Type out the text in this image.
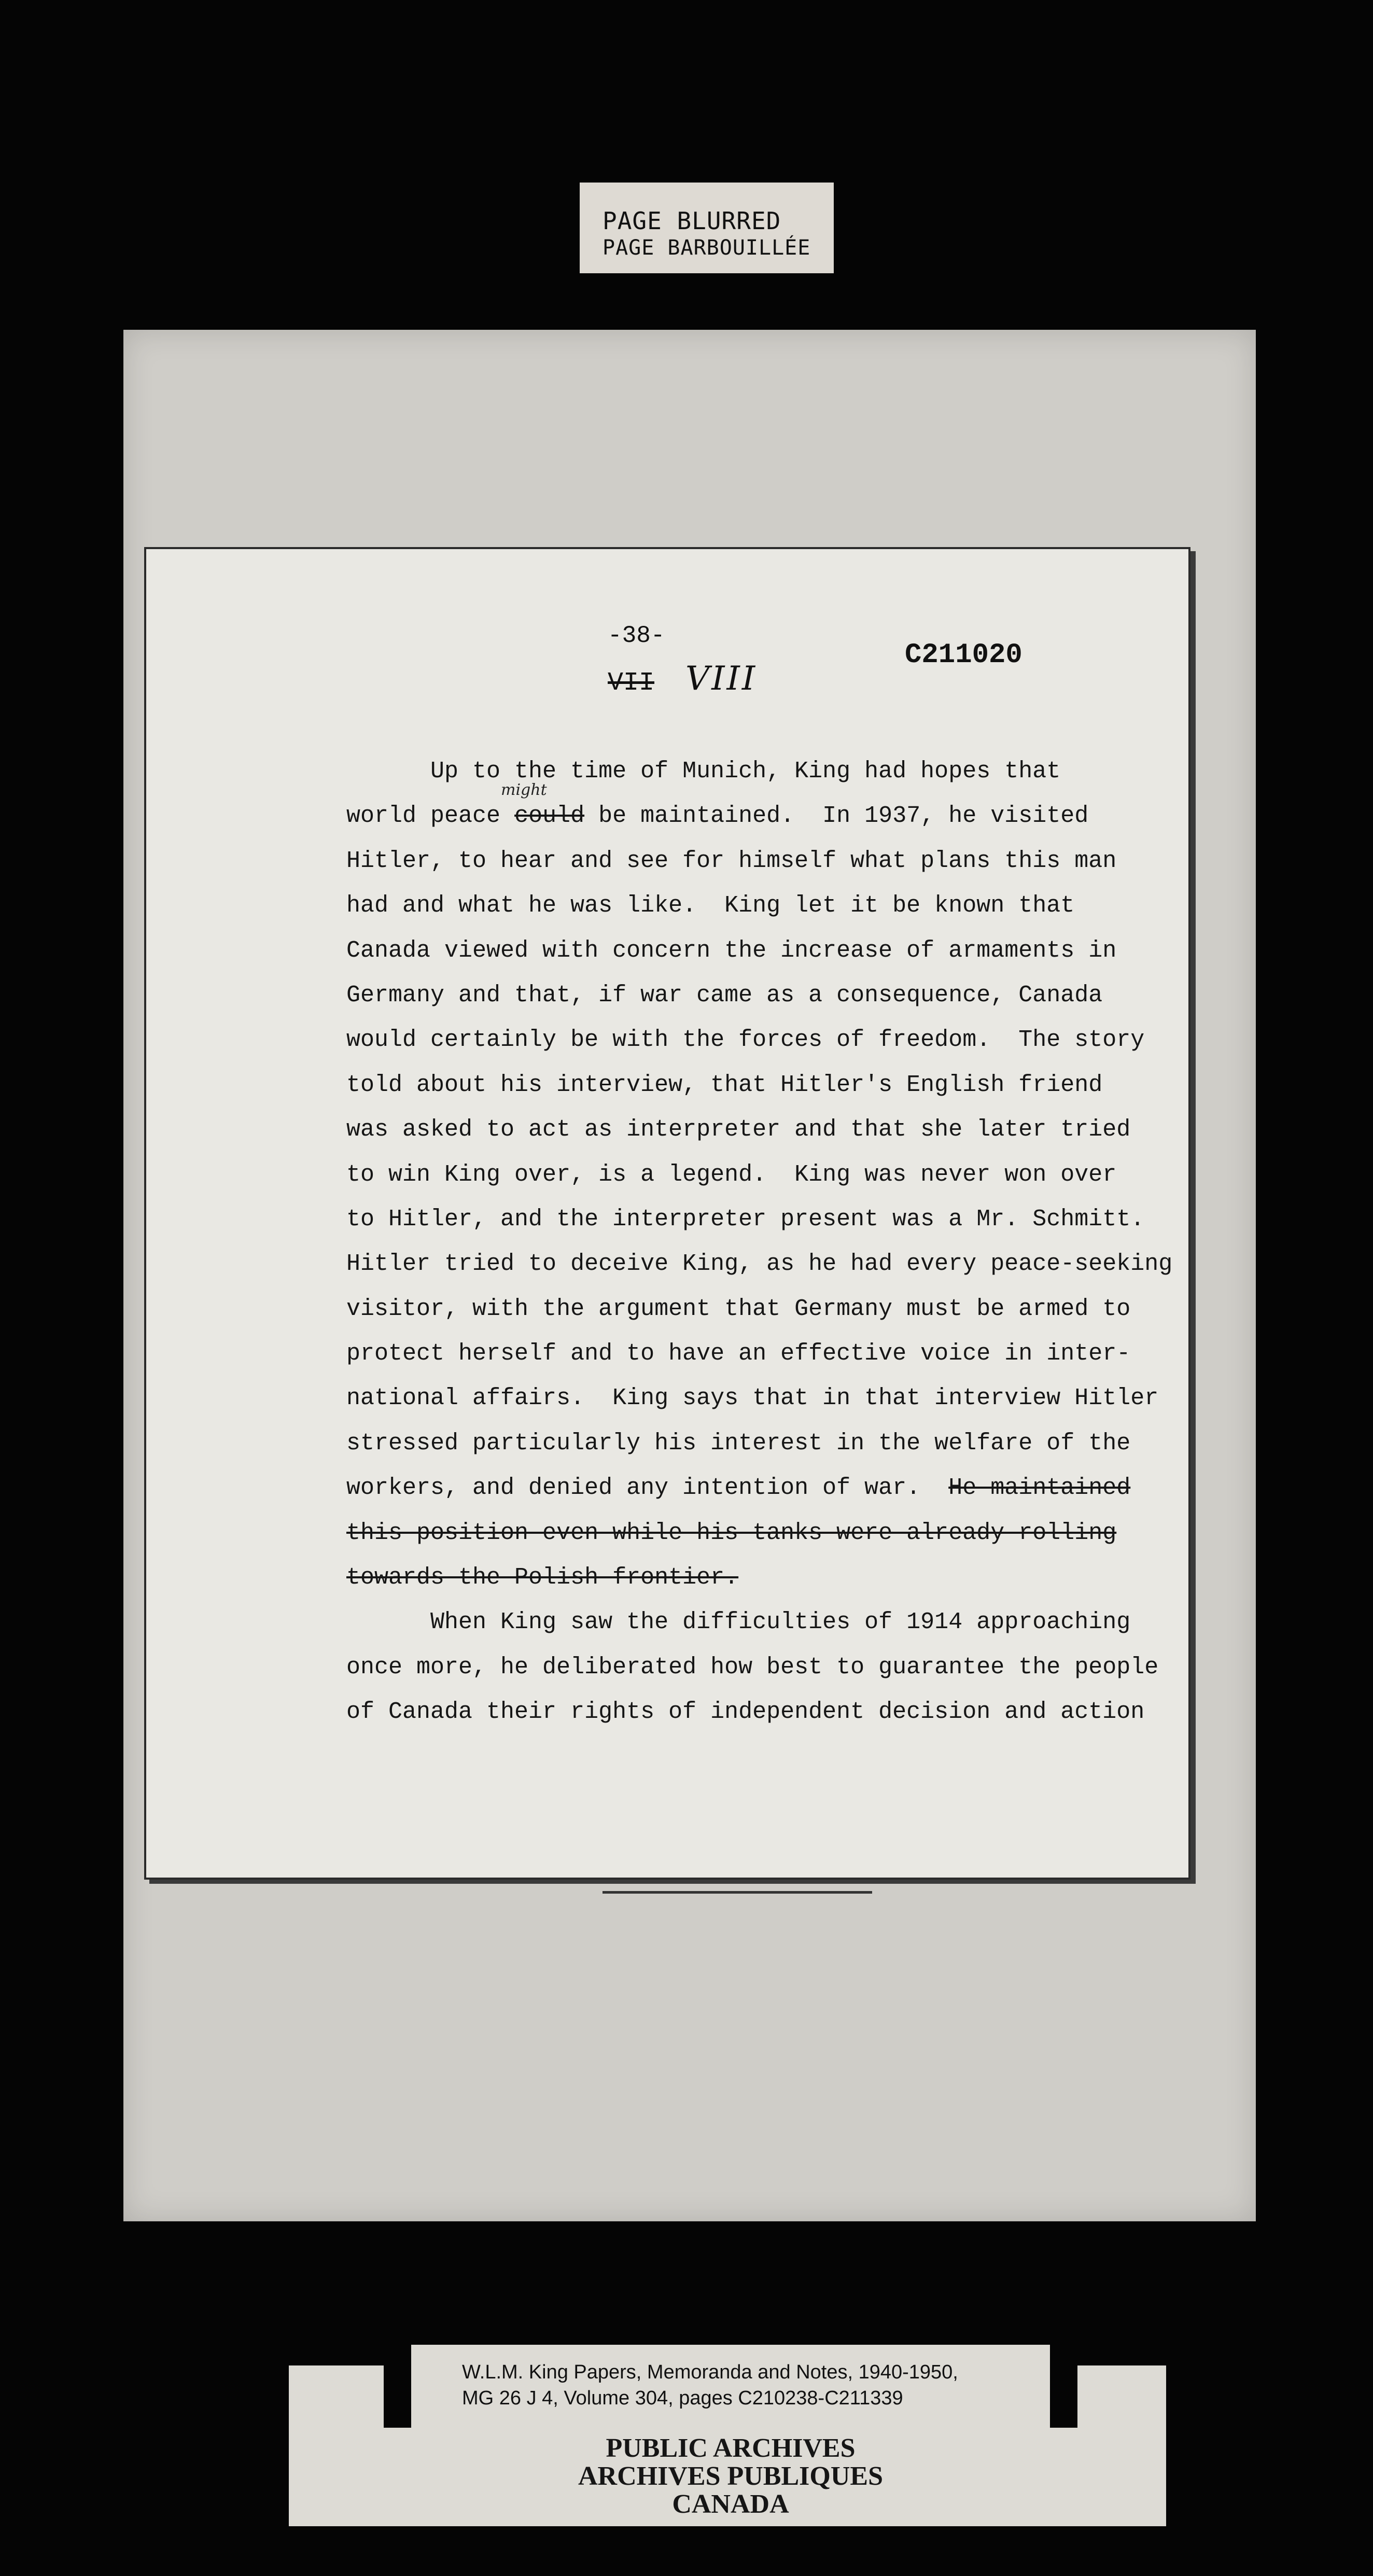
PAGE BLURRED
PAGE BARBOUILLÉE
-38-
VII VIII
C211020
might
Up to the time of Munich, King had hopes that
world peace could be maintained.  In 1937, he visited
Hitler, to hear and see for himself what plans this man
had and what he was like.  King let it be known that
Canada viewed with concern the increase of armaments in
Germany and that, if war came as a consequence, Canada
would certainly be with the forces of freedom.  The story
told about his interview, that Hitler's English friend
was asked to act as interpreter and that she later tried
to win King over, is a legend.  King was never won over
to Hitler, and the interpreter present was a Mr. Schmitt.
Hitler tried to deceive King, as he had every peace-seeking
visitor, with the argument that Germany must be armed to
protect herself and to have an effective voice in inter-
national affairs.  King says that in that interview Hitler
stressed particularly his interest in the welfare of the
workers, and denied any intention of war.  He maintained
this position even while his tanks were already rolling
towards the Polish frontier.
When King saw the difficulties of 1914 approaching
once more, he deliberated how best to guarantee the people
of Canada their rights of independent decision and action
W.L.M. King Papers, Memoranda and Notes, 1940-1950,
MG 26 J 4, Volume 304, pages C210238-C211339
PUBLIC ARCHIVES
ARCHIVES PUBLIQUES
CANADA
